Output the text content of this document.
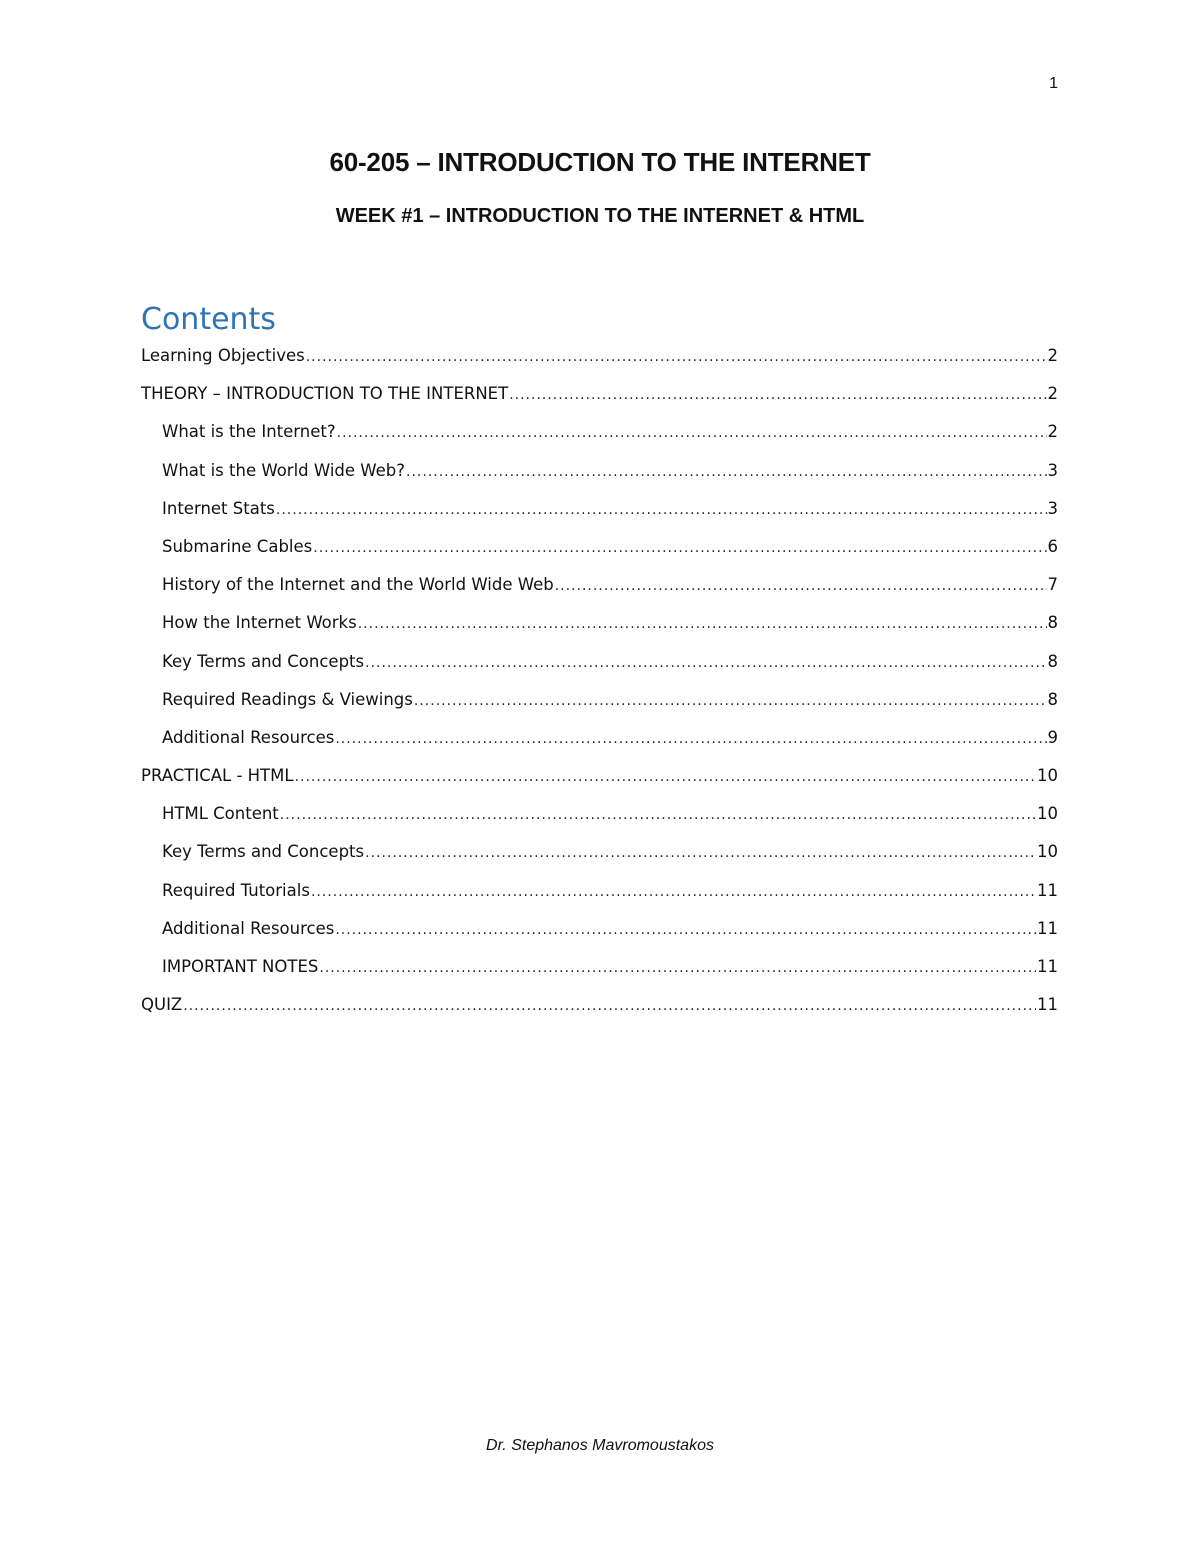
1
60-205 – INTRODUCTION TO THE INTERNET
WEEK #1 – INTRODUCTION TO THE INTERNET & HTML
Contents
Learning Objectives .....	2
THEORY – INTRODUCTION TO THE INTERNET .....	2
What is the Internet? .....	2
What is the World Wide Web? .....	3
Internet Stats .....	3
Submarine Cables .....	6
History of the Internet and the World Wide Web .....	7
How the Internet Works .....	8
Key Terms and Concepts .....	8
Required Readings & Viewings .....	8
Additional Resources .....	9
PRACTICAL - HTML .....	10
HTML Content .....	10
Key Terms and Concepts .....	10
Required Tutorials .....	11
Additional Resources .....	11
IMPORTANT NOTES .....	11
QUIZ .....	11
Dr. Stephanos Mavromoustakos
